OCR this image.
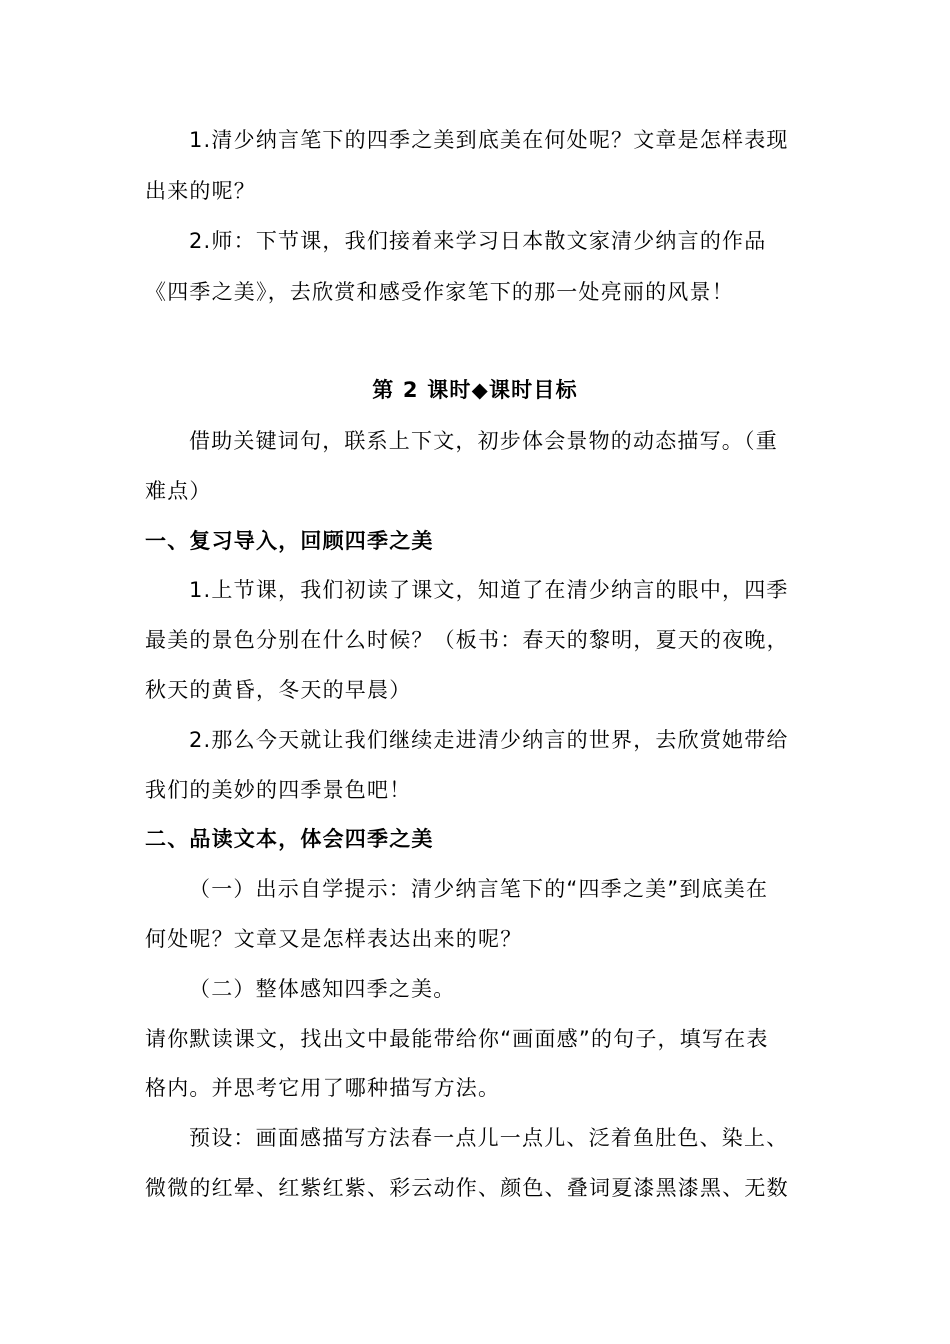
1.清少纳言笔下的四季之美到底美在何处呢？文章是怎样表现
出来的呢？
2.师：下节课，我们接着来学习日本散文家清少纳言的作品
《四季之美》，去欣赏和感受作家笔下的那一处亮丽的风景！
第 2 课时◆课时目标
借助关键词句，联系上下文，初步体会景物的动态描写。（重
难点）
一、复习导入，回顾四季之美
1.上节课，我们初读了课文，知道了在清少纳言的眼中，四季
最美的景色分别在什么时候？（板书：春天的黎明，夏天的夜晚，
秋天的黄昏，冬天的早晨）
2.那么今天就让我们继续走进清少纳言的世界，去欣赏她带给
我们的美妙的四季景色吧！
二、品读文本，体会四季之美
（一）出示自学提示：清少纳言笔下的“四季之美”到底美在
何处呢？文章又是怎样表达出来的呢？
（二）整体感知四季之美。
请你默读课文，找出文中最能带给你“画面感”的句子，填写在表
格内。并思考它用了哪种描写方法。
预设：画面感描写方法春一点儿一点儿、泛着鱼肚色、染上、
微微的红晕、红紫红紫、彩云动作、颜色、叠词夏漆黑漆黑、无数
